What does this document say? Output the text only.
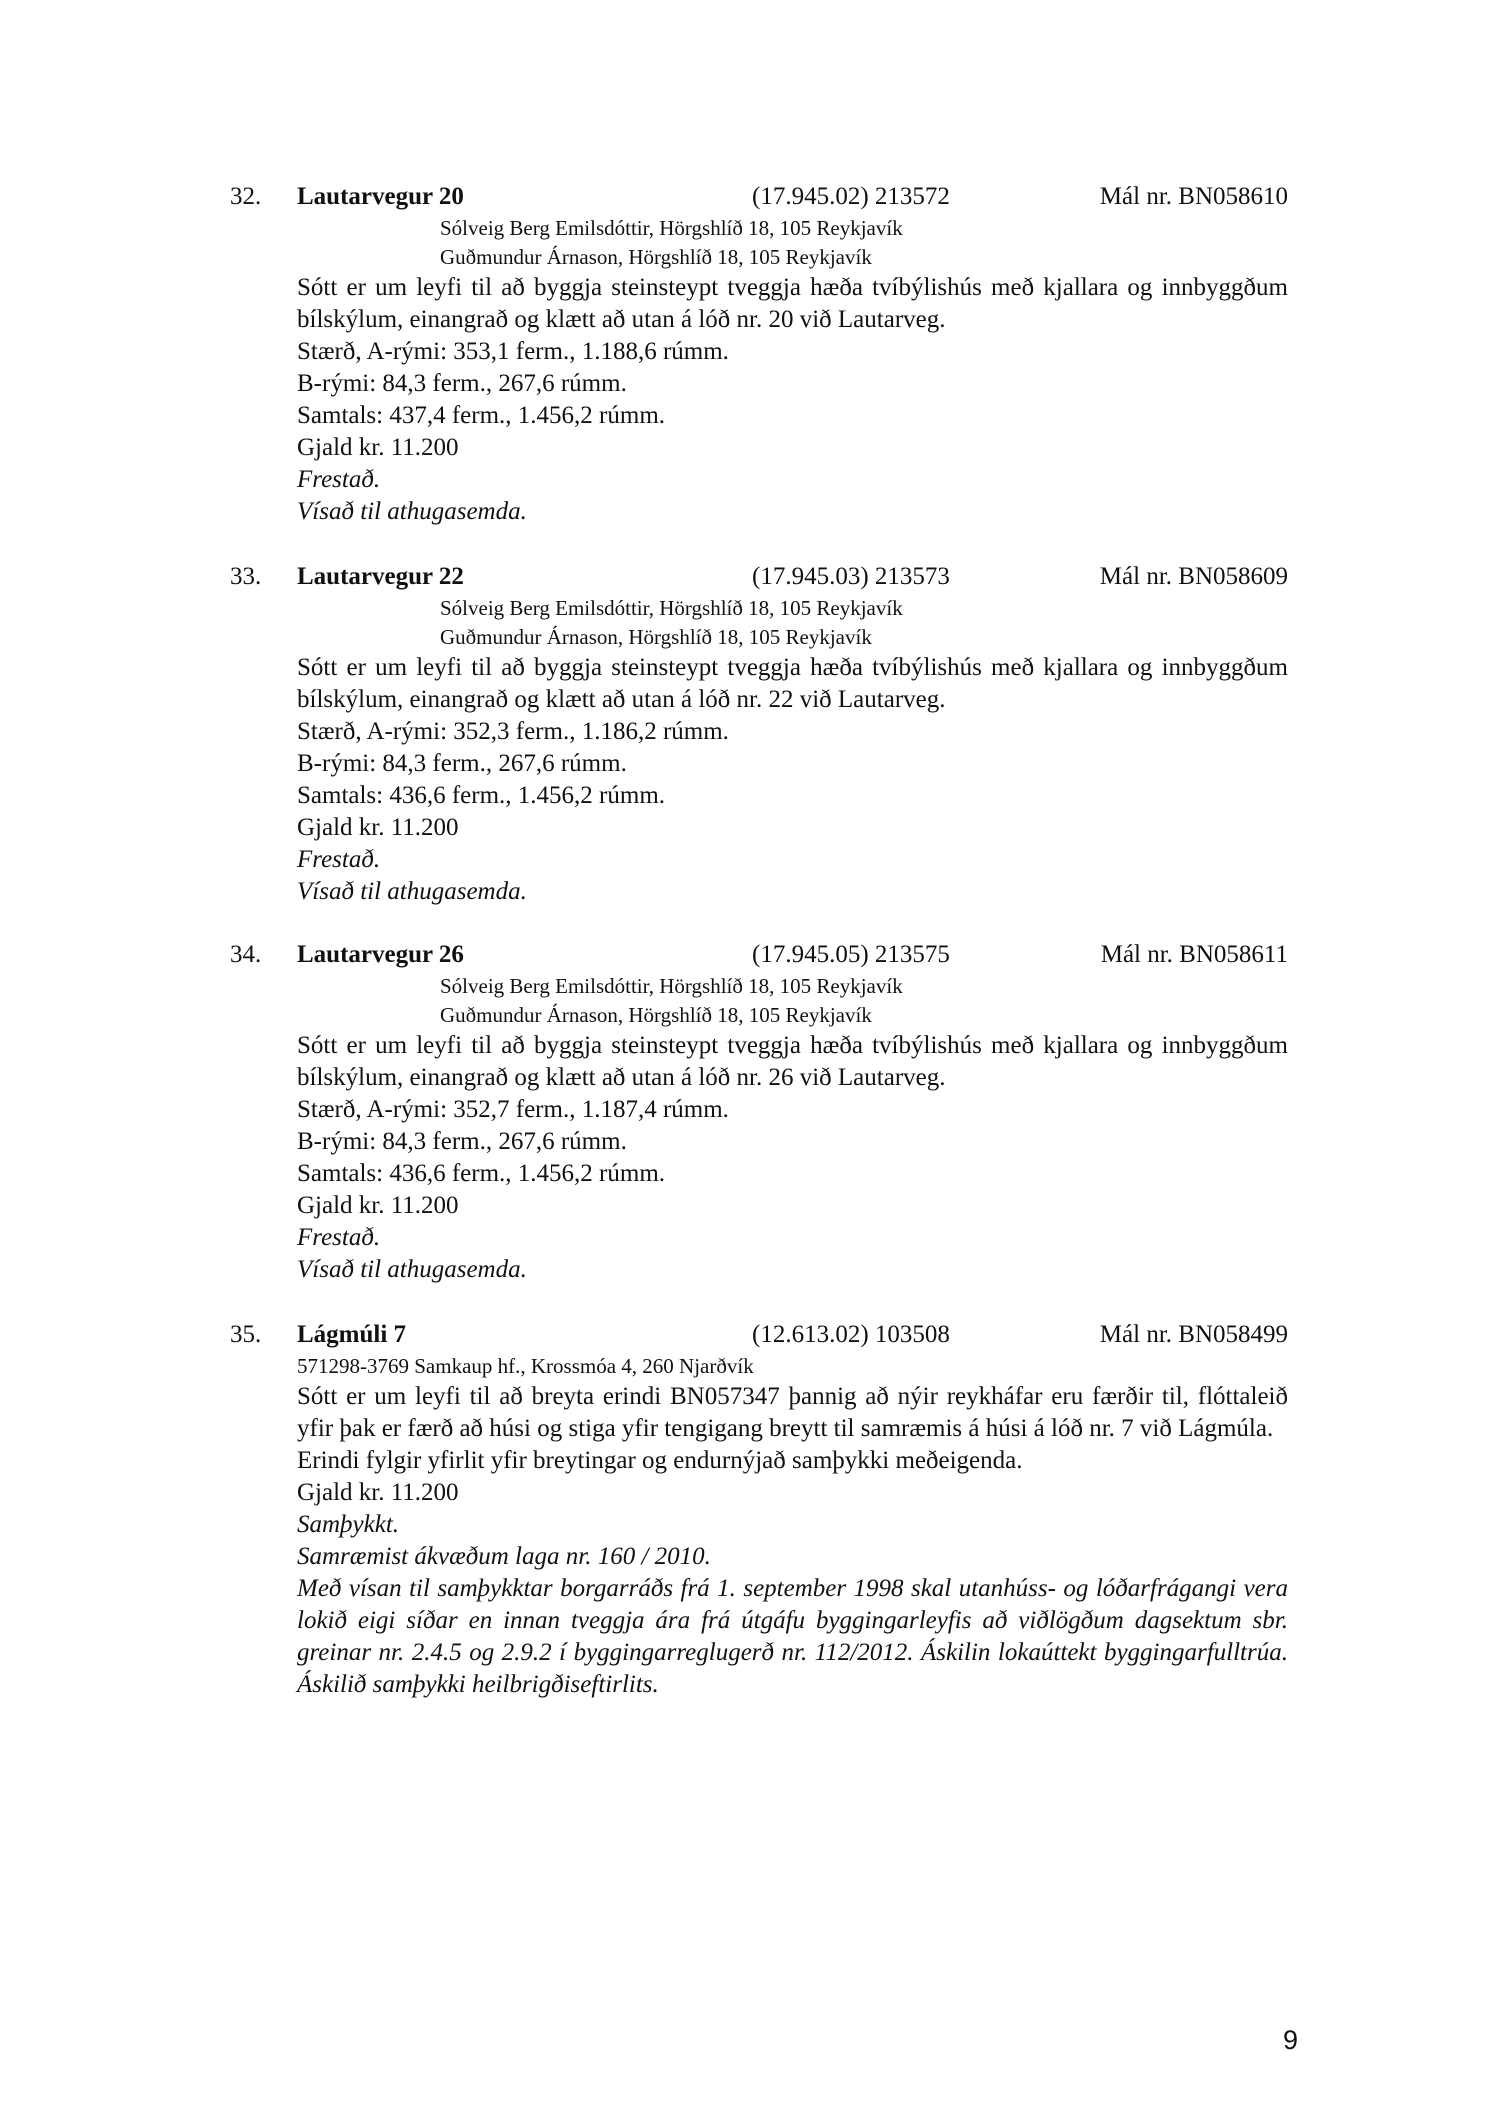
32. Lautarvegur 20	(17.945.02) 213572	Mál nr. BN058610
Sólveig Berg Emilsdóttir, Hörgshlíð 18, 105 Reykjavík
Guðmundur Árnason, Hörgshlíð 18, 105 Reykjavík
Sótt er um leyfi til að byggja steinsteypt tveggja hæða tvíbýlishús með kjallara og innbyggðum bílskýlum, einangrað og klætt að utan á lóð nr. 20 við Lautarveg.
Stærð, A-rými: 353,1 ferm., 1.188,6 rúmm.
B-rými: 84,3 ferm., 267,6 rúmm.
Samtals: 437,4 ferm., 1.456,2 rúmm.
Gjald kr. 11.200
Frestað.
Vísað til athugasemda.
33. Lautarvegur 22	(17.945.03) 213573	Mál nr. BN058609
Sólveig Berg Emilsdóttir, Hörgshlíð 18, 105 Reykjavík
Guðmundur Árnason, Hörgshlíð 18, 105 Reykjavík
Sótt er um leyfi til að byggja steinsteypt tveggja hæða tvíbýlishús með kjallara og innbyggðum bílskýlum, einangrað og klætt að utan á lóð nr. 22 við Lautarveg.
Stærð, A-rými: 352,3 ferm., 1.186,2 rúmm.
B-rými: 84,3 ferm., 267,6 rúmm.
Samtals: 436,6 ferm., 1.456,2 rúmm.
Gjald kr. 11.200
Frestað.
Vísað til athugasemda.
34. Lautarvegur 26	(17.945.05) 213575	Mál nr. BN058611
Sólveig Berg Emilsdóttir, Hörgshlíð 18, 105 Reykjavík
Guðmundur Árnason, Hörgshlíð 18, 105 Reykjavík
Sótt er um leyfi til að byggja steinsteypt tveggja hæða tvíbýlishús með kjallara og innbyggðum bílskýlum, einangrað og klætt að utan á lóð nr. 26 við Lautarveg.
Stærð, A-rými: 352,7 ferm., 1.187,4 rúmm.
B-rými: 84,3 ferm., 267,6 rúmm.
Samtals: 436,6 ferm., 1.456,2 rúmm.
Gjald kr. 11.200
Frestað.
Vísað til athugasemda.
35. Lágmúli 7	(12.613.02) 103508	Mál nr. BN058499
571298-3769 Samkaup hf., Krossmóa 4, 260 Njarðvík
Sótt er um leyfi til að breyta erindi BN057347 þannig að nýir reykháfar eru færðir til, flóttaleið yfir þak er færð að húsi og stiga yfir tengigang breytt til samræmis á húsi á lóð nr. 7 við Lágmúla.
Erindi fylgir yfirlit yfir breytingar og endurnýjað samþykki meðeigenda.
Gjald kr. 11.200
Samþykkt.
Samræmist ákvæðum laga nr. 160 / 2010.
Með vísan til samþykktar borgarráðs frá 1. september 1998 skal utanhúss- og lóðarfrágangi vera lokið eigi síðar en innan tveggja ára frá útgáfu byggingarleyfis að viðlögðum dagsektum sbr. greinar nr. 2.4.5 og 2.9.2 í byggingarreglugerð nr. 112/2012. Áskilin lokaúttekt byggingarfulltrúa. Áskilið samþykki heilbrigðiseftirlits.
9
